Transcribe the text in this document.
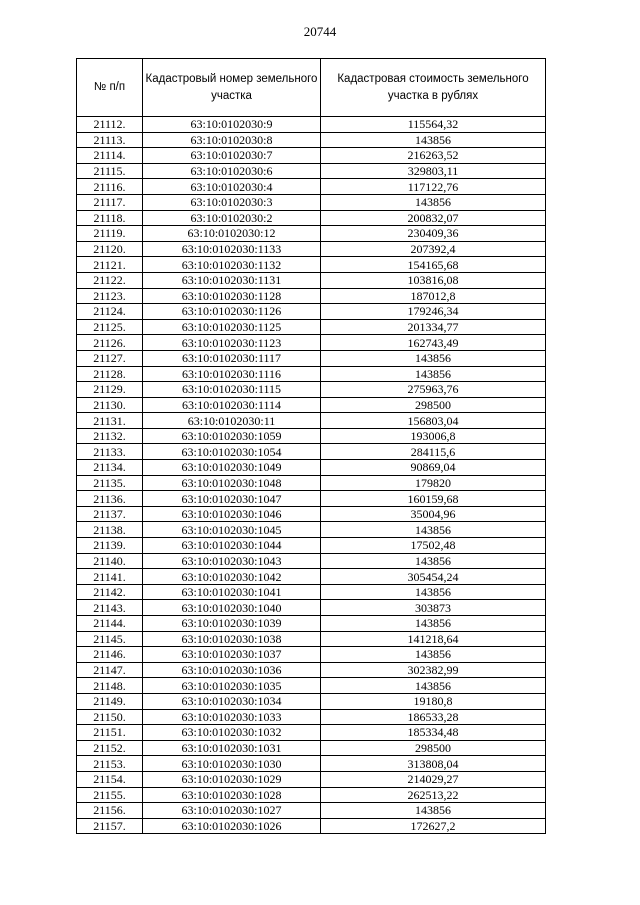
20744
№ п/п	Кадастровый номер земельного участка	Кадастровая стоимость земельного участка в рублях
21112.	63:10:0102030:9	115564,32
21113.	63:10:0102030:8	143856
21114.	63:10:0102030:7	216263,52
21115.	63:10:0102030:6	329803,11
21116.	63:10:0102030:4	117122,76
21117.	63:10:0102030:3	143856
21118.	63:10:0102030:2	200832,07
21119.	63:10:0102030:12	230409,36
21120.	63:10:0102030:1133	207392,4
21121.	63:10:0102030:1132	154165,68
21122.	63:10:0102030:1131	103816,08
21123.	63:10:0102030:1128	187012,8
21124.	63:10:0102030:1126	179246,34
21125.	63:10:0102030:1125	201334,77
21126.	63:10:0102030:1123	162743,49
21127.	63:10:0102030:1117	143856
21128.	63:10:0102030:1116	143856
21129.	63:10:0102030:1115	275963,76
21130.	63:10:0102030:1114	298500
21131.	63:10:0102030:11	156803,04
21132.	63:10:0102030:1059	193006,8
21133.	63:10:0102030:1054	284115,6
21134.	63:10:0102030:1049	90869,04
21135.	63:10:0102030:1048	179820
21136.	63:10:0102030:1047	160159,68
21137.	63:10:0102030:1046	35004,96
21138.	63:10:0102030:1045	143856
21139.	63:10:0102030:1044	17502,48
21140.	63:10:0102030:1043	143856
21141.	63:10:0102030:1042	305454,24
21142.	63:10:0102030:1041	143856
21143.	63:10:0102030:1040	303873
21144.	63:10:0102030:1039	143856
21145.	63:10:0102030:1038	141218,64
21146.	63:10:0102030:1037	143856
21147.	63:10:0102030:1036	302382,99
21148.	63:10:0102030:1035	143856
21149.	63:10:0102030:1034	19180,8
21150.	63:10:0102030:1033	186533,28
21151.	63:10:0102030:1032	185334,48
21152.	63:10:0102030:1031	298500
21153.	63:10:0102030:1030	313808,04
21154.	63:10:0102030:1029	214029,27
21155.	63:10:0102030:1028	262513,22
21156.	63:10:0102030:1027	143856
21157.	63:10:0102030:1026	172627,2
